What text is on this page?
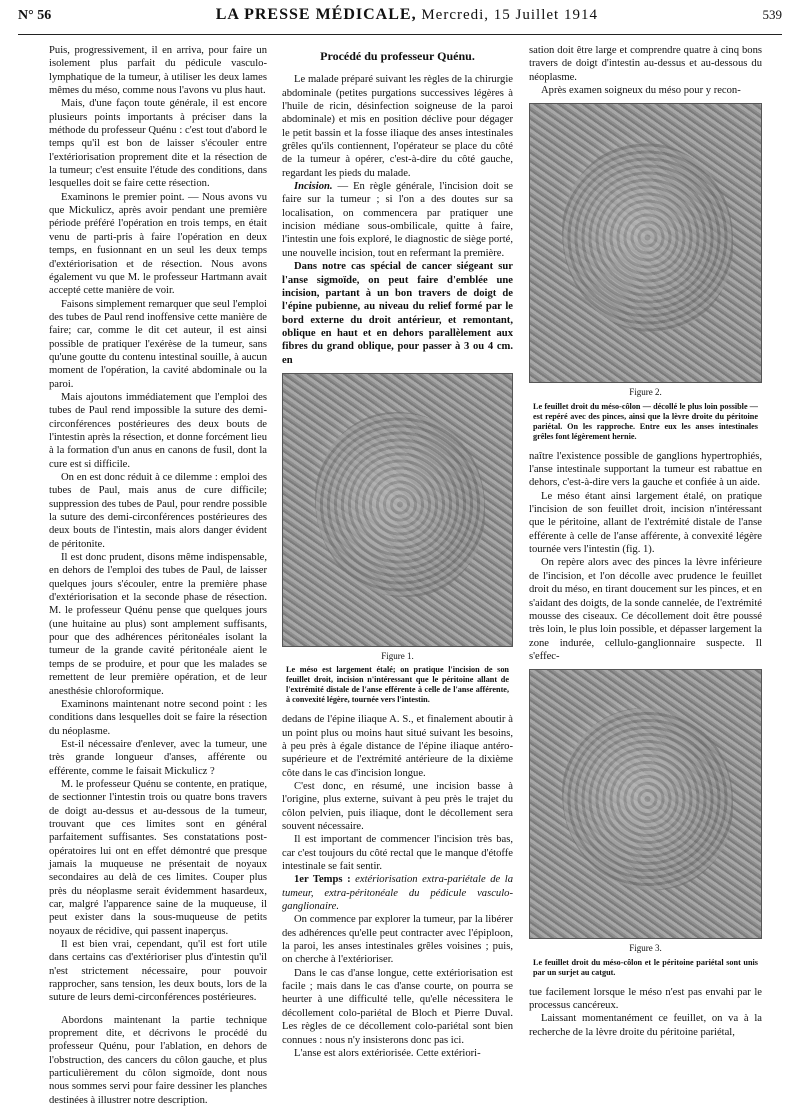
N° 56	LA PRESSE MÉDICALE, Mercredi, 15 Juillet 1914	539

Puis, progressivement, il en arriva, pour faire un isolement plus parfait du pédicule vasculo-lymphatique de la tumeur, à utiliser les deux lames mêmes du méso, comme nous l'avons vu plus haut.

Mais, d'une façon toute générale, il est encore plusieurs points importants à préciser dans la méthode du professeur Quénu : c'est tout d'abord le temps qu'il est bon de laisser s'écouler entre l'extériorisation proprement dite et la résection de la tumeur; c'est ensuite l'étude des conditions, dans lesquelles doit se faire cette résection.

Examinons le premier point. — Nous avons vu que Mickulicz, après avoir pendant une première période préféré l'opération en trois temps, en était venu de parti-pris à faire l'opération en deux temps, en fusionnant en un seul les deux temps d'extériorisation et de résection. Nous avons également vu que M. le professeur Hartmann avait accepté cette manière de voir.

Faisons simplement remarquer que seul l'emploi des tubes de Paul rend inoffensive cette manière de faire; car, comme le dit cet auteur, il est ainsi possible de pratiquer l'exérèse de la tumeur, sans qu'une goutte du contenu intestinal souille, à aucun moment de l'opération, la cavité abdominale ou la paroi.

Mais ajoutons immédiatement que l'emploi des tubes de Paul rend impossible la suture des demi-circonférences postérieures des deux bouts de l'intestin après la résection, et donne forcément lieu à la formation d'un anus en canons de fusil, dont la cure est si difficile.

On en est donc réduit à ce dilemme : emploi des tubes de Paul, mais anus de cure difficile; suppression des tubes de Paul, pour rendre possible la suture des demi-circonférences postérieures des deux bouts de l'intestin, mais alors danger évident de péritonite.

Il est donc prudent, disons même indispensable, en dehors de l'emploi des tubes de Paul, de laisser quelques jours s'écouler, entre la première phase d'extériorisation et la seconde phase de résection. M. le professeur Quénu pense que quelques jours (une huitaine au plus) sont amplement suffisants, pour que des adhérences péritonéales isolant la tumeur de la grande cavité péritonéale aient le temps de se produire, et pour que les malades se remettent de leur première opération, et de leur anesthésie chloroformique.

Examinons maintenant notre second point : les conditions dans lesquelles doit se faire la résection du néoplasme.

Est-il nécessaire d'enlever, avec la tumeur, une très grande longueur d'anses, afférente ou efférente, comme le faisait Mickulicz ?

M. le professeur Quénu se contente, en pratique, de sectionner l'intestin trois ou quatre bons travers de doigt au-dessus et au-dessous de la tumeur, trouvant que ces limites sont en général parfaitement suffisantes. Ses constatations post-opératoires lui ont en effet démontré que presque jamais la muqueuse ne présentait de noyaux secondaires au delà de ces limites. Couper plus près du néoplasme serait évidemment hasardeux, car, malgré l'apparence saine de la muqueuse, il peut exister dans la sous-muqueuse de petits noyaux de récidive, qui passent inaperçus.

Il est bien vrai, cependant, qu'il est fort utile dans certains cas d'extérioriser plus d'intestin qu'il n'est strictement nécessaire, pour pouvoir rapprocher, sans tension, les deux bouts, lors de la suture de leurs demi-circonférences postérieures.

Abordons maintenant la partie technique proprement dite, et décrivons le procédé du professeur Quénu, pour l'ablation, en dehors de l'obstruction, des cancers du côlon gauche, et plus particulièrement du côlon sigmoïde, dont nous nous sommes servi pour faire dessiner les planches destinées à illustrer notre description.

Procédé du professeur Quénu.

Le malade préparé suivant les règles de la chirurgie abdominale (petites purgations successives légères à l'huile de ricin, désinfection soigneuse de la paroi abdominale) et mis en position déclive pour dégager le petit bassin et la fosse iliaque des anses intestinales grêles qu'ils contiennent, l'opérateur se place du côté de la tumeur à opérer, c'est-à-dire du côté gauche, regardant les pieds du malade.

Incision. — En règle générale, l'incision doit se faire sur la tumeur ; si l'on a des doutes sur sa localisation, on commencera par pratiquer une incision médiane sous-ombilicale, quitte à faire, l'intestin une fois exploré, le diagnostic de siège porté, une nouvelle incision, tout en refermant la première.

Dans notre cas spécial de cancer siégeant sur l'anse sigmoïde, on peut faire d'emblée une incision, partant à un bon travers de doigt de l'épine pubienne, au niveau du relief formé par le bord externe du droit antérieur, et remontant, oblique en haut et en dehors parallèlement aux fibres du grand oblique, pour passer à 3 ou 4 cm. en

Figure 1.
Le méso est largement étalé; on pratique l'incision de son feuillet droit, incision n'intéressant que le péritoine allant de l'extrémité distale de l'anse efférente à celle de l'anse afférente, à convexité légère, tournée vers l'intestin.

dedans de l'épine iliaque A. S., et finalement aboutir à un point plus ou moins haut situé suivant les besoins, à peu près à égale distance de l'épine iliaque antéro-supérieure et de l'extrémité antérieure de la dixième côte dans le cas d'incision longue.

C'est donc, en résumé, une incision basse à l'origine, plus externe, suivant à peu près le trajet du côlon pelvien, puis iliaque, dont le décollement sera souvent nécessaire.

Il est important de commencer l'incision très bas, car c'est toujours du côté rectal que le manque d'étoffe intestinale se fait sentir.

1er Temps : extériorisation extra-pariétale de la tumeur, extra-péritonéale du pédicule vasculo-ganglionaire.

On commence par explorer la tumeur, par la libérer des adhérences qu'elle peut contracter avec l'épiploon, la paroi, les anses intestinales grêles voisines ; puis, on cherche à l'extérioriser.

Dans le cas d'anse longue, cette extériorisation est facile ; mais dans le cas d'anse courte, on pourra se heurter à une difficulté telle, qu'elle nécessitera le décollement colo-pariétal de Bloch et Pierre Duval. Les règles de ce décollement colo-pariétal sont bien connues : nous n'y insisterons donc pas ici.

L'anse est alors extériorisée. Cette extériori-

sation doit être large et comprendre quatre à cinq bons travers de doigt d'intestin au-dessus et au-dessous du néoplasme.

Après examen soigneux du méso pour y recon-

Figure 2.
Le feuillet droit du méso-côlon — décollé le plus loin possible — est repéré avec des pinces, ainsi que la lèvre droite du péritoine pariétal. On les rapproche. Entre eux les anses intestinales grêles font légèrement hernie.

naître l'existence possible de ganglions hypertrophiés, l'anse intestinale supportant la tumeur est rabattue en dehors, c'est-à-dire vers la gauche et confiée à un aide.

Le méso étant ainsi largement étalé, on pratique l'incision de son feuillet droit, incision n'intéressant que le péritoine, allant de l'extrémité distale de l'anse efférente à celle de l'anse afférente, à convexité légère tournée vers l'intestin (fig. 1).

On repère alors avec des pinces la lèvre inférieure de l'incision, et l'on décolle avec prudence le feuillet droit du méso, en tirant doucement sur les pinces, et en s'aidant des doigts, de la sonde cannelée, de l'extrémité mousse des ciseaux. Ce décollement doit être poussé très loin, le plus loin possible, et dépasser largement la zone indurée, cellulo-ganglionnaire suspecte. Il s'effec-

Figure 3.
Le feuillet droit du méso-côlon et le péritoine pariétal sont unis par un surjet au catgut.

tue facilement lorsque le méso n'est pas envahi par le processus cancéreux.

Laissant momentanément ce feuillet, on va à la recherche de la lèvre droite du péritoine pariétal,
